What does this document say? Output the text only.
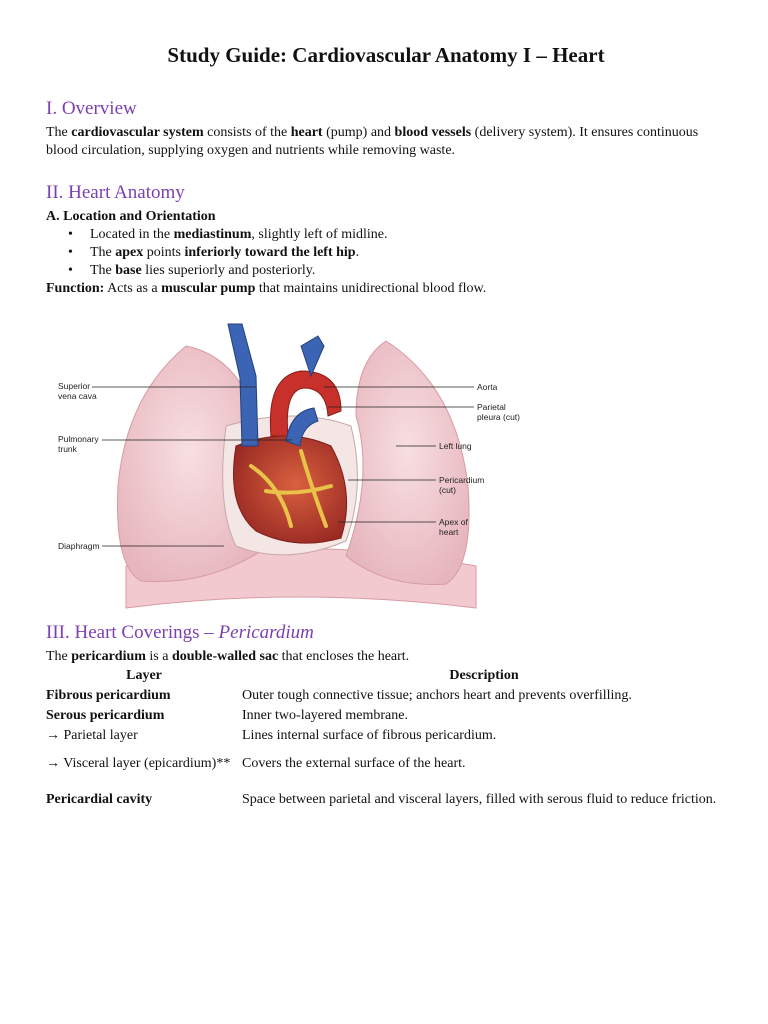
Study Guide: Cardiovascular Anatomy I – Heart
I. Overview

The cardiovascular system consists of the heart (pump) and blood vessels (delivery system). It ensures continuous blood circulation, supplying oxygen and nutrients while removing waste.

II. Heart Anatomy

A. Location and Orientation

• Located in the mediastinum, slightly left of midline.
• The apex points inferiorly toward the left hip.
• The base lies superiorly and posteriorly.

Function: Acts as a muscular pump that maintains unidirectional blood flow.

Superior
vena cava
Pulmonary
trunk
Diaphragm
Aorta
Parietal
pleura (cut)
Left lung
Pericardium
(cut)
Apex of
heart
III. Heart Coverings – Pericardium

The pericardium is a double-walled sac that encloses the heart.

Layer	Description
Fibrous pericardium	Outer tough connective tissue; anchors heart and prevents overfilling.
Serous pericardium	Inner two-layered membrane.
→ Parietal layer	Lines internal surface of fibrous pericardium.
→ Visceral layer (epicardium)**	Covers the external surface of the heart.
Pericardial cavity	Space between parietal and visceral layers, filled with serous fluid to reduce friction.
